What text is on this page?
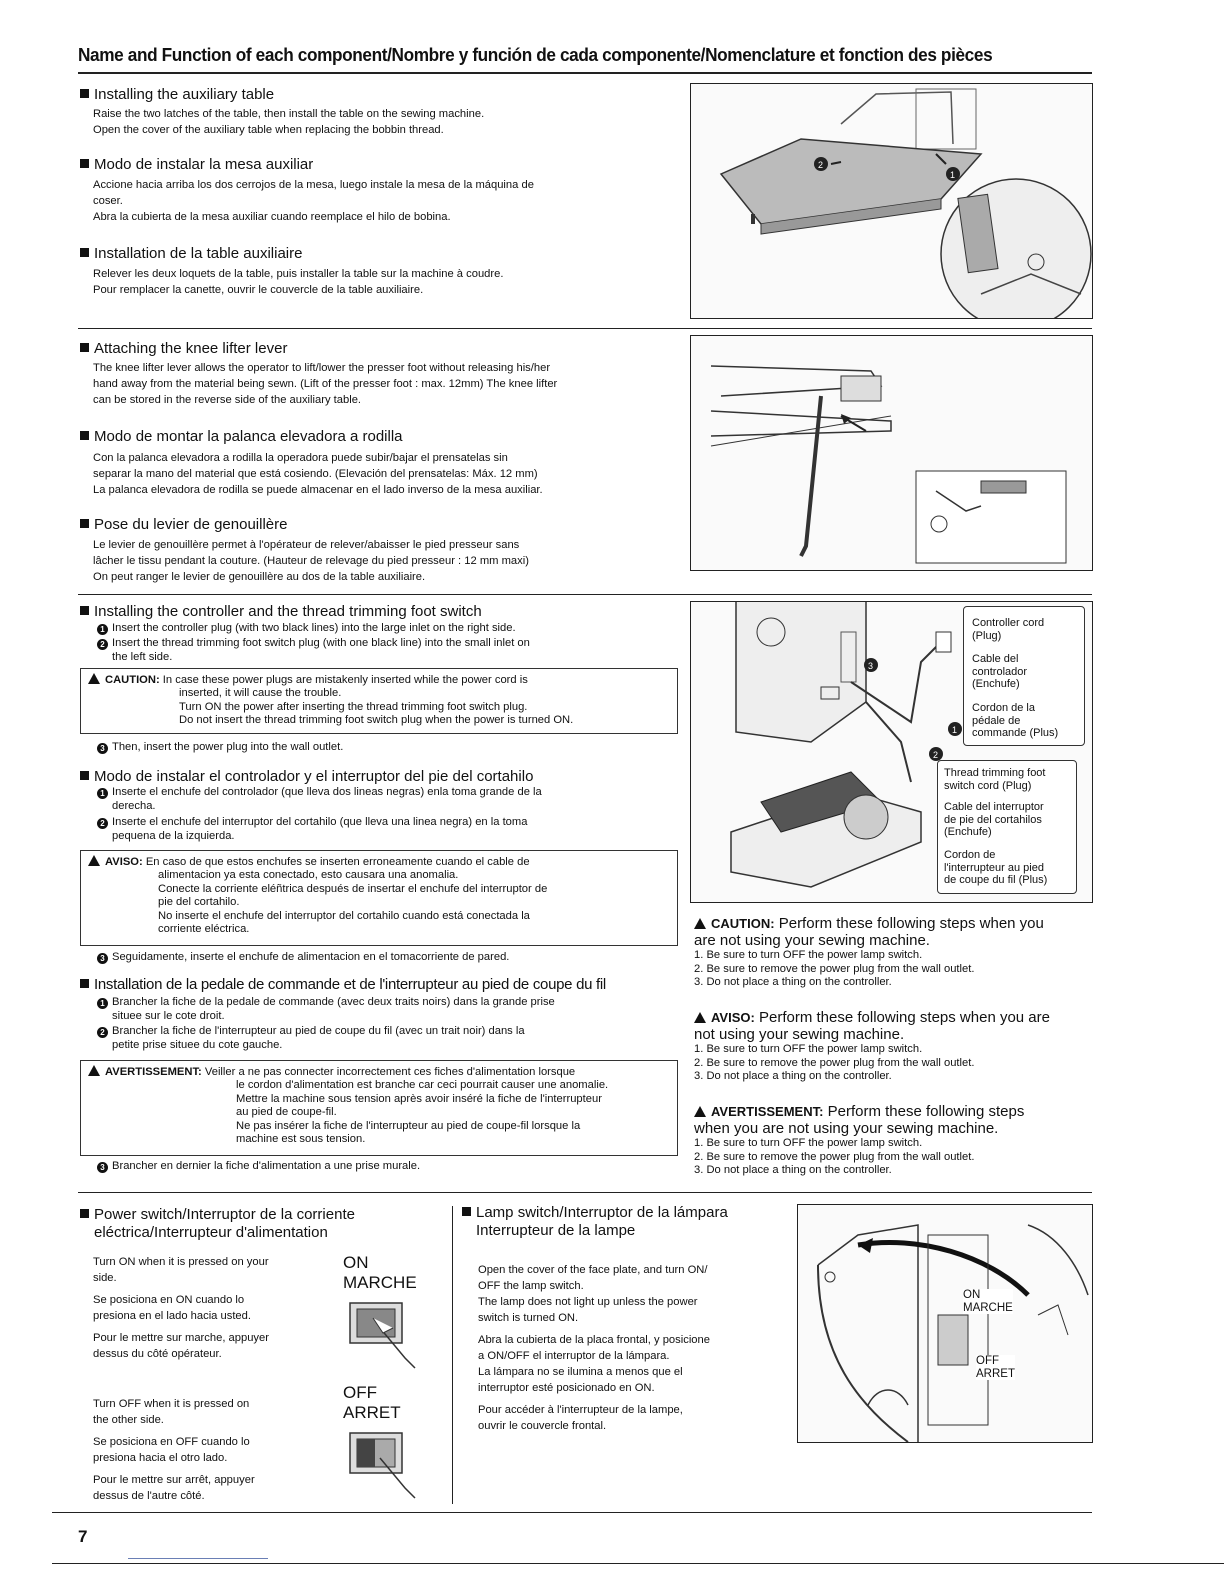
Name and Function of each component/Nombre y función de cada componente/Nomenclature et fonction des pièces
Installing the auxiliary table
Raise the two latches of the table, then install the table on the sewing machine.
Open the cover of the auxiliary table when replacing the bobbin thread.
Modo de instalar la mesa auxiliar
Accione hacia arriba los dos cerrojos de la mesa, luego instale la mesa de la máquina de
coser.
Abra la cubierta de la mesa auxiliar cuando reemplace el hilo de bobina.
Installation de la table auxiliaire
Relever les deux loquets de la table, puis installer la table sur la machine à coudre.
Pour remplacer la canette, ouvrir le couvercle de la table auxiliaire.
2
1
Attaching the knee lifter lever
The knee lifter lever allows the operator to lift/lower the presser foot without releasing his/her
hand away from the material being sewn. (Lift of the presser foot : max. 12mm) The knee lifter
can be stored in the reverse side of the auxiliary table.
Modo de montar la palanca elevadora a rodilla
Con la palanca elevadora a rodilla la operadora puede subir/bajar el prensatelas sin
separar la mano del material que está cosiendo. (Elevación del prensatelas: Máx. 12 mm)
La palanca elevadora de rodilla se puede almacenar en el lado inverso de la mesa auxiliar.
Pose du levier de genouillère
Le levier de genouillère permet à l'opérateur de relever/abaisser le pied presseur sans
lâcher le tissu pendant la couture. (Hauteur de relevage du pied presseur : 12 mm maxi)
On peut ranger le levier de genouillère au dos de la table auxiliaire.
Installing the controller and the thread trimming foot switch
1 Insert the controller plug (with two black lines) into the large inlet on the right side.
2 Insert the thread trimming foot switch plug (with one black line) into the small inlet on
the left side.
CAUTION: In case these power plugs are mistakenly inserted while the power cord is
inserted, it will cause the trouble.
Turn ON the power after inserting the thread trimming foot switch plug.
Do not insert the thread trimming foot switch plug when the power is turned ON.
3 Then, insert the power plug into the wall outlet.
Modo de instalar el controlador y el interruptor del pie del cortahilo
1 Inserte el enchufe del controlador (que lleva dos lineas negras) enla toma grande de la
derecha.
2 Inserte el enchufe del interruptor del cortahilo (que lleva una linea negra) en la toma
pequena de la izquierda.
AVISO: En caso de que estos enchufes se inserten erroneamente cuando el cable de
alimentacion ya esta conectado, esto causara una anomalia.
Conecte la corriente eléñtrica después de insertar el enchufe del interruptor de
pie del cortahilo.
No inserte el enchufe del interruptor del cortahilo cuando está conectada la
corriente eléctrica.
3 Seguidamente, inserte el enchufe de alimentacion en el tomacorriente de pared.
Installation de la pedale de commande et de l'interrupteur au pied de coupe du fil
1 Brancher la fiche de la pedale de commande (avec deux traits noirs) dans la grande prise
situee sur le cote droit.
2 Brancher la fiche de l'interrupteur au pied de coupe du fil (avec un trait noir) dans la
petite prise situee du cote gauche.
AVERTISSEMENT: Veiller a ne pas connecter incorrectement ces fiches d'alimentation lorsque
le cordon d'alimentation est branche car ceci pourrait causer une anomalie.
Mettre la machine sous tension après avoir inséré la fiche de l'interrupteur
au pied de coupe-fil.
Ne pas insérer la fiche de l'interrupteur au pied de coupe-fil lorsque la
machine est sous tension.
3 Brancher en dernier la fiche d'alimentation a une prise murale.
3
2
1
Controller cord
(Plug)
Cable del
controlador
(Enchufe)
Cordon de la
pédale de
commande (Plus)
Thread trimming foot
switch cord (Plug)
Cable del interruptor
de pie del cortahilos
(Enchufe)
Cordon de
l'interrupteur au pied
de coupe du fil (Plus)
CAUTION: Perform these following steps when you
are not using your sewing machine.
1. Be sure to turn OFF the power lamp switch.
2. Be sure to remove the power plug from the wall outlet.
3. Do not place a thing on the controller.
AVISO: Perform these following steps when you are
not using your sewing machine.
1. Be sure to turn OFF the power lamp switch.
2. Be sure to remove the power plug from the wall outlet.
3. Do not place a thing on the controller.
AVERTISSEMENT: Perform these following steps
when you are not using your sewing machine.
1. Be sure to turn OFF the power lamp switch.
2. Be sure to remove the power plug from the wall outlet.
3. Do not place a thing on the controller.
Power switch/Interruptor de la corriente
eléctrica/Interrupteur d'alimentation
Turn ON when it is pressed on your
side.
Se posiciona en ON cuando lo
presiona en el lado hacia usted.
Pour le mettre sur marche, appuyer
dessus du côté opérateur.
ON
MARCHE
Turn OFF when it is pressed on
the other side.
Se posiciona en OFF cuando lo
presiona hacia el otro lado.
Pour le mettre sur arrêt, appuyer
dessus de l'autre côté.
OFF
ARRET
Lamp switch/Interruptor de la lámpara
Interrupteur de la lampe
Open the cover of the face plate, and turn ON/
OFF the lamp switch.
The lamp does not light up unless the power
switch is turned ON.
Abra la cubierta de la placa frontal, y posicione
a ON/OFF el interruptor de la lámpara.
La lámpara no se ilumina a menos que el
interruptor esté posicionado en ON.
Pour accéder à l'interrupteur de la lampe,
ouvrir le couvercle frontal.
ON
MARCHE
OFF
ARRET
7
